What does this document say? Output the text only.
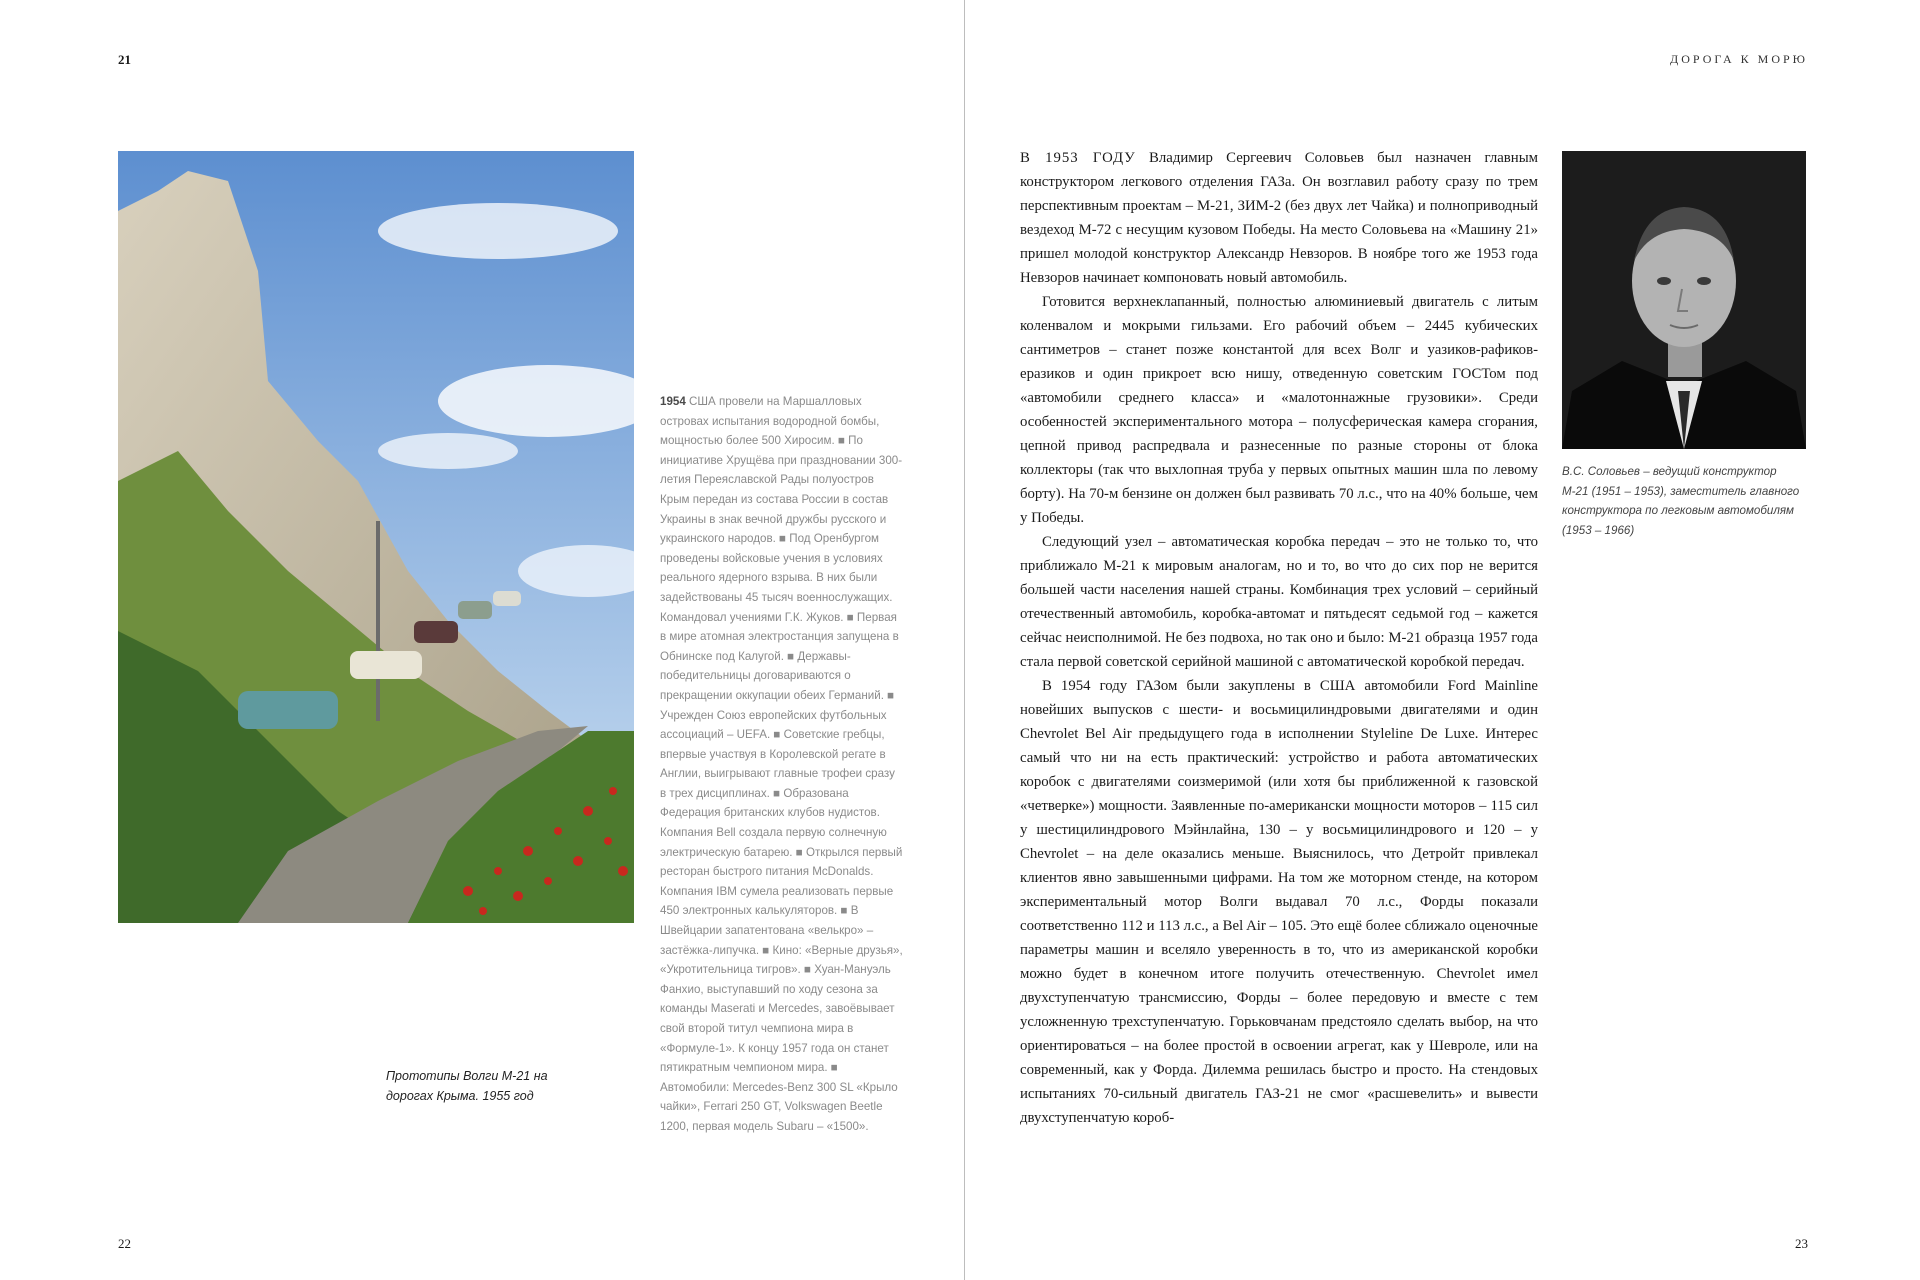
21
Прототипы Волги М-21 на дорогах Крыма. 1955 год
1954 США провели на Маршалловых островах испытания водородной бомбы, мощностью более 500 Хиросим. ■ По инициативе Хрущёва при праздновании 300-летия Переяславской Рады полуостров Крым передан из состава России в состав Украины в знак вечной дружбы русского и украинского народов. ■ Под Оренбургом проведены войсковые учения в условиях реального ядерного взрыва. В них были задействованы 45 тысяч военнослужащих. Командовал учениями Г.К. Жуков. ■ Первая в мире атомная электростанция запущена в Обнинске под Калугой. ■ Державы-победительницы договариваются о прекращении оккупации обеих Германий. ■ Учрежден Союз европейских футбольных ассоциаций – UEFA. ■ Советские гребцы, впервые участвуя в Королевской регате в Англии, выигрывают главные трофеи сразу в трех дисциплинах. ■ Образована Федерация британских клубов нудистов. Компания Bell создала первую солнечную электрическую батарею. ■ Открылся первый ресторан быстрого питания McDonalds. Компания IBM сумела реализовать первые 450 электронных калькуляторов. ■ В Швейцарии запатентована «велькро» – застёжка-липучка. ■ Кино: «Верные друзья», «Укротительница тигров». ■ Хуан-Мануэль Фанхио, выступавший по ходу сезона за команды Maserati и Mercedes, завоёвывает свой второй титул чемпиона мира в «Формуле-1». К концу 1957 года он станет пятикратным чемпионом мира. ■ Автомобили: Mercedes-Benz 300 SL «Крыло чайки», Ferrari 250 GT, Volkswagen Beetle 1200, первая модель Subaru – «1500».
22
ДОРОГА К МОРЮ

В 1953 ГОДУ Владимир Сергеевич Соловьев был назначен главным конструктором легкового отделения ГАЗа. Он возглавил работу сразу по трем перспективным проектам – М-21, ЗИМ-2 (без двух лет Чайка) и полноприводный вездеход М-72 с несущим кузовом Победы. На место Соловьева на «Машину 21» пришел молодой конструктор Александр Невзоров. В ноябре того же 1953 года Невзоров начинает компоновать новый автомобиль.

Готовится верхнеклапанный, полностью алюминиевый двигатель с литым коленвалом и мокрыми гильзами. Его рабочий объем – 2445 кубических сантиметров – станет позже константой для всех Волг и уазиков-рафиков-еразиков и один прикроет всю нишу, отведенную советским ГОСТом под «автомобили среднего класса» и «малотоннажные грузовики». Среди особенностей экспериментального мотора – полусферическая камера сгорания, цепной привод распредвала и разнесенные по разные стороны от блока коллекторы (так что выхлопная труба у первых опытных машин шла по левому борту). На 70-м бензине он должен был развивать 70 л.с., что на 40% больше, чем у Победы.

Следующий узел – автоматическая коробка передач – это не только то, что приближало М-21 к мировым аналогам, но и то, во что до сих пор не верится большей части населения нашей страны. Комбинация трех условий – серийный отечественный автомобиль, коробка-автомат и пятьдесят седьмой год – кажется сейчас неисполнимой. Не без подвоха, но так оно и было: М-21 образца 1957 года стала первой советской серийной машиной с автоматической коробкой передач.

В 1954 году ГАЗом были закуплены в США автомобили Ford Mainline новейших выпусков с шести- и восьмицилиндровыми двигателями и один Chevrolet Bel Air предыдущего года в исполнении Styleline De Luxe. Интерес самый что ни на есть практический: устройство и работа автоматических коробок с двигателями соизмеримой (или хотя бы приближенной к газовской «четверке») мощности. Заявленные по-американски мощности моторов – 115 сил у шестицилиндрового Мэйнлайна, 130 – у восьмицилиндрового и 120 – у Chevrolet – на деле оказались меньше. Выяснилось, что Детройт привлекал клиентов явно завышенными цифрами. На том же моторном стенде, на котором экспериментальный мотор Волги выдавал 70 л.с., Форды показали соответственно 112 и 113 л.с., а Bel Air – 105. Это ещё более сближало оценочные параметры машин и вселяло уверенность в то, что из американской коробки можно будет в конечном итоге получить отечественную. Chevrolet имел двухступенчатую трансмиссию, Форды – более передовую и вместе с тем усложненную трехступенчатую. Горьковчанам предстояло сделать выбор, на что ориентироваться – на более простой в освоении агрегат, как у Шевроле, или на современный, как у Форда. Дилемма решилась быстро и просто. На стендовых испытаниях 70-сильный двигатель ГАЗ-21 не смог «расшевелить» и вывести двухступенчатую короб-

В.С. Соловьев – ведущий конструктор М-21 (1951 – 1953), заместитель главного конструктора по легковым автомобилям (1953 – 1966)
23
